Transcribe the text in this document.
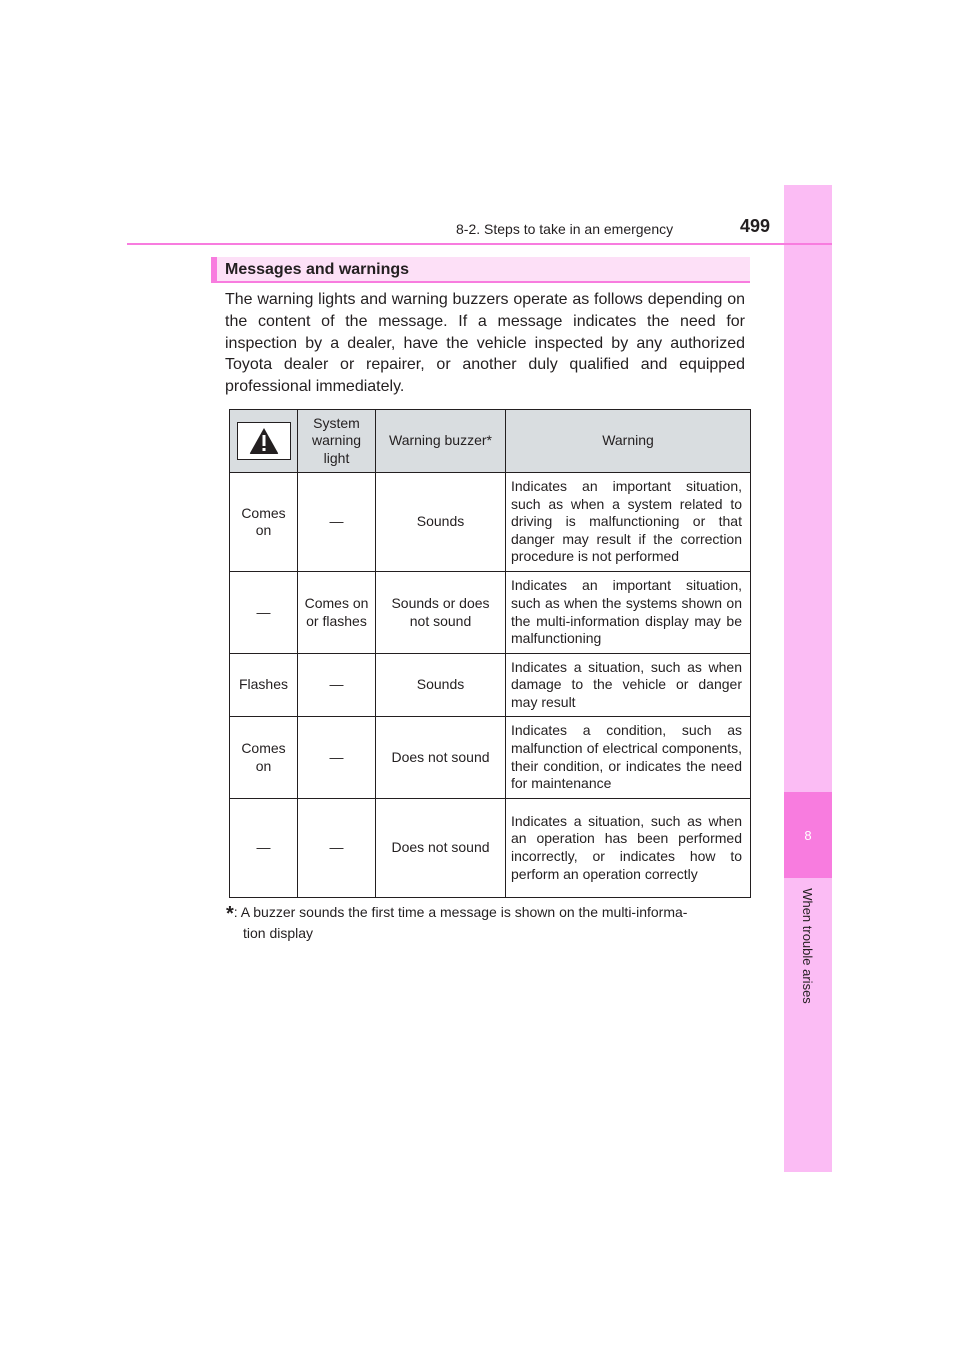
8
When trouble arises
8-2. Steps to take in an emergency	499
Messages and warnings

The warning lights and warning buzzers operate as follows depending on the content of the message. If a message indicates the need for inspection by a dealer, have the vehicle inspected by any authorized Toyota dealer or repairer, or another duly qualified and equipped professional immediately.

	System warning light	Warning buzzer*	Warning
Comes on	—	Sounds	Indicates an important situation, such as when a system related to driving is malfunctioning or that danger may result if the correction procedure is not performed
—	Comes on or flashes	Sounds or does not sound	Indicates an important situation, such as when the systems shown on the multi-information display may be malfunctioning
Flashes	—	Sounds	Indicates a situation, such as when damage to the vehicle or danger may result
Comes on	—	Does not sound	Indicates a condition, such as malfunction of electrical components, their condition, or indicates the need for maintenance
—	—	Does not sound	Indicates a situation, such as when an operation has been performed incorrectly, or indicates how to perform an operation correctly
*: A buzzer sounds the first time a message is shown on the multi-informa-
tion display
